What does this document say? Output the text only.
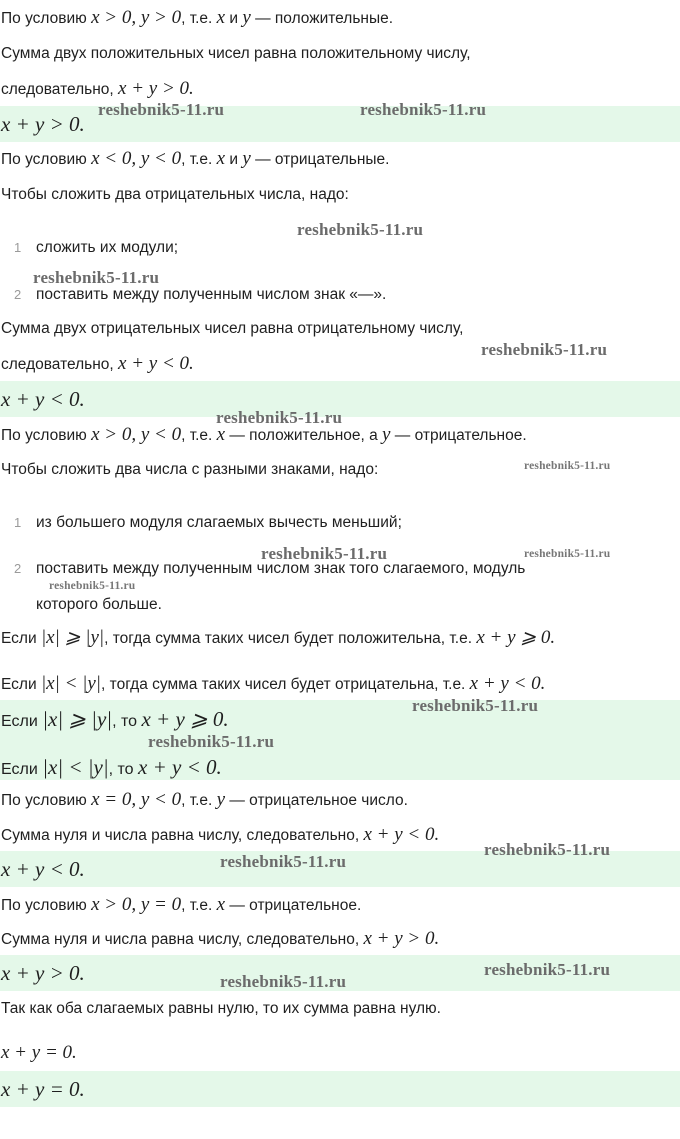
По условию x > 0, y > 0, т.е. x и y — положительные.
Сумма двух положительных чисел равна положительному числу,
следовательно, x + y > 0.
x + y > 0.
По условию x < 0, y < 0, т.е. x и y — отрицательные.
Чтобы сложить два отрицательных числа, надо:
1 сложить их модули;
2 поставить между полученным числом знак «—».
Сумма двух отрицательных чисел равна отрицательному числу,
следовательно, x + y < 0.
x + y < 0.
По условию x > 0, y < 0, т.е. x — положительное, а y — отрицательное.
Чтобы сложить два числа с разными знаками, надо:
1 из большего модуля слагаемых вычесть меньший;
2 поставить между полученным числом знак того слагаемого, модуль
которого больше.
Если |x| ⩾ |y|, тогда сумма таких чисел будет положительна, т.е. x + y ⩾ 0.
Если |x| < |y|, тогда сумма таких чисел будет отрицательна, т.е. x + y < 0.
Если |x| ⩾ |y|, то x + y ⩾ 0.
Если |x| < |y|, то x + y < 0.
По условию x = 0, y < 0, т.е. y — отрицательное число.
Сумма нуля и числа равна числу, следовательно, x + y < 0.
x + y < 0.
По условию x > 0, y = 0, т.е. x — отрицательное.
Сумма нуля и числа равна числу, следовательно, x + y > 0.
x + y > 0.
Так как оба слагаемых равны нулю, то их сумма равна нулю.
x + y = 0.
x + y = 0.
reshebnik5-11.ru	reshebnik5-11.ru
reshebnik5-11.ru
reshebnik5-11.ru
reshebnik5-11.ru
reshebnik5-11.ru
reshebnik5-11.ru
reshebnik5-11.ru	reshebnik5-11.ru
reshebnik5-11.ru
reshebnik5-11.ru
reshebnik5-11.ru
reshebnik5-11.ru
reshebnik5-11.ru
reshebnik5-11.ru
reshebnik5-11.ru
